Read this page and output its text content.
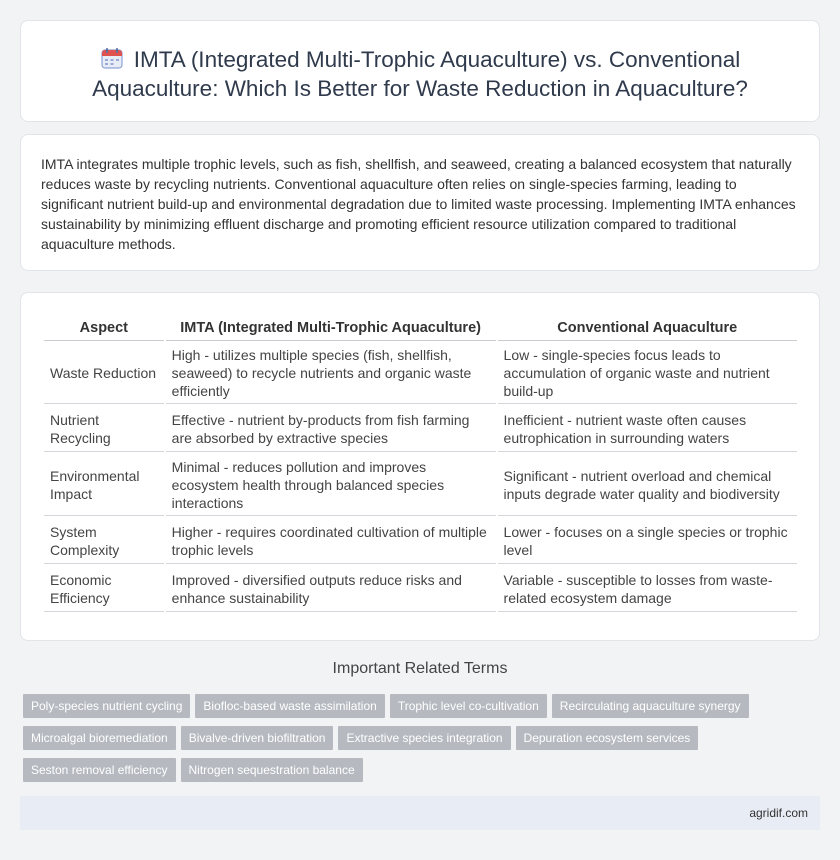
IMTA (Integrated Multi-Trophic Aquaculture) vs. Conventional Aquaculture: Which Is Better for Waste Reduction in Aquaculture?

IMTA integrates multiple trophic levels, such as fish, shellfish, and seaweed, creating a balanced ecosystem that naturally reduces waste by recycling nutrients. Conventional aquaculture often relies on single-species farming, leading to significant nutrient build-up and environmental degradation due to limited waste processing. Implementing IMTA enhances sustainability by minimizing effluent discharge and promoting efficient resource utilization compared to traditional aquaculture methods.

Aspect	IMTA (Integrated Multi-Trophic Aquaculture)	Conventional Aquaculture
Waste Reduction	High - utilizes multiple species (fish, shellfish, seaweed) to recycle nutrients and organic waste efficiently	Low - single-species focus leads to accumulation of organic waste and nutrient build-up
Nutrient Recycling	Effective - nutrient by-products from fish farming are absorbed by extractive species	Inefficient - nutrient waste often causes eutrophication in surrounding waters
Environmental Impact	Minimal - reduces pollution and improves ecosystem health through balanced species interactions	Significant - nutrient overload and chemical inputs degrade water quality and biodiversity
System Complexity	Higher - requires coordinated cultivation of multiple trophic levels	Lower - focuses on a single species or trophic level
Economic Efficiency	Improved - diversified outputs reduce risks and enhance sustainability	Variable - susceptible to losses from waste-related ecosystem damage
Important Related Terms
Poly-species nutrient cycling Biofloc-based waste assimilation Trophic level co-cultivation Recirculating aquaculture synergy
Microalgal bioremediation Bivalve-driven biofiltration Extractive species integration Depuration ecosystem services
Seston removal efficiency Nitrogen sequestration balance
agridif.com
